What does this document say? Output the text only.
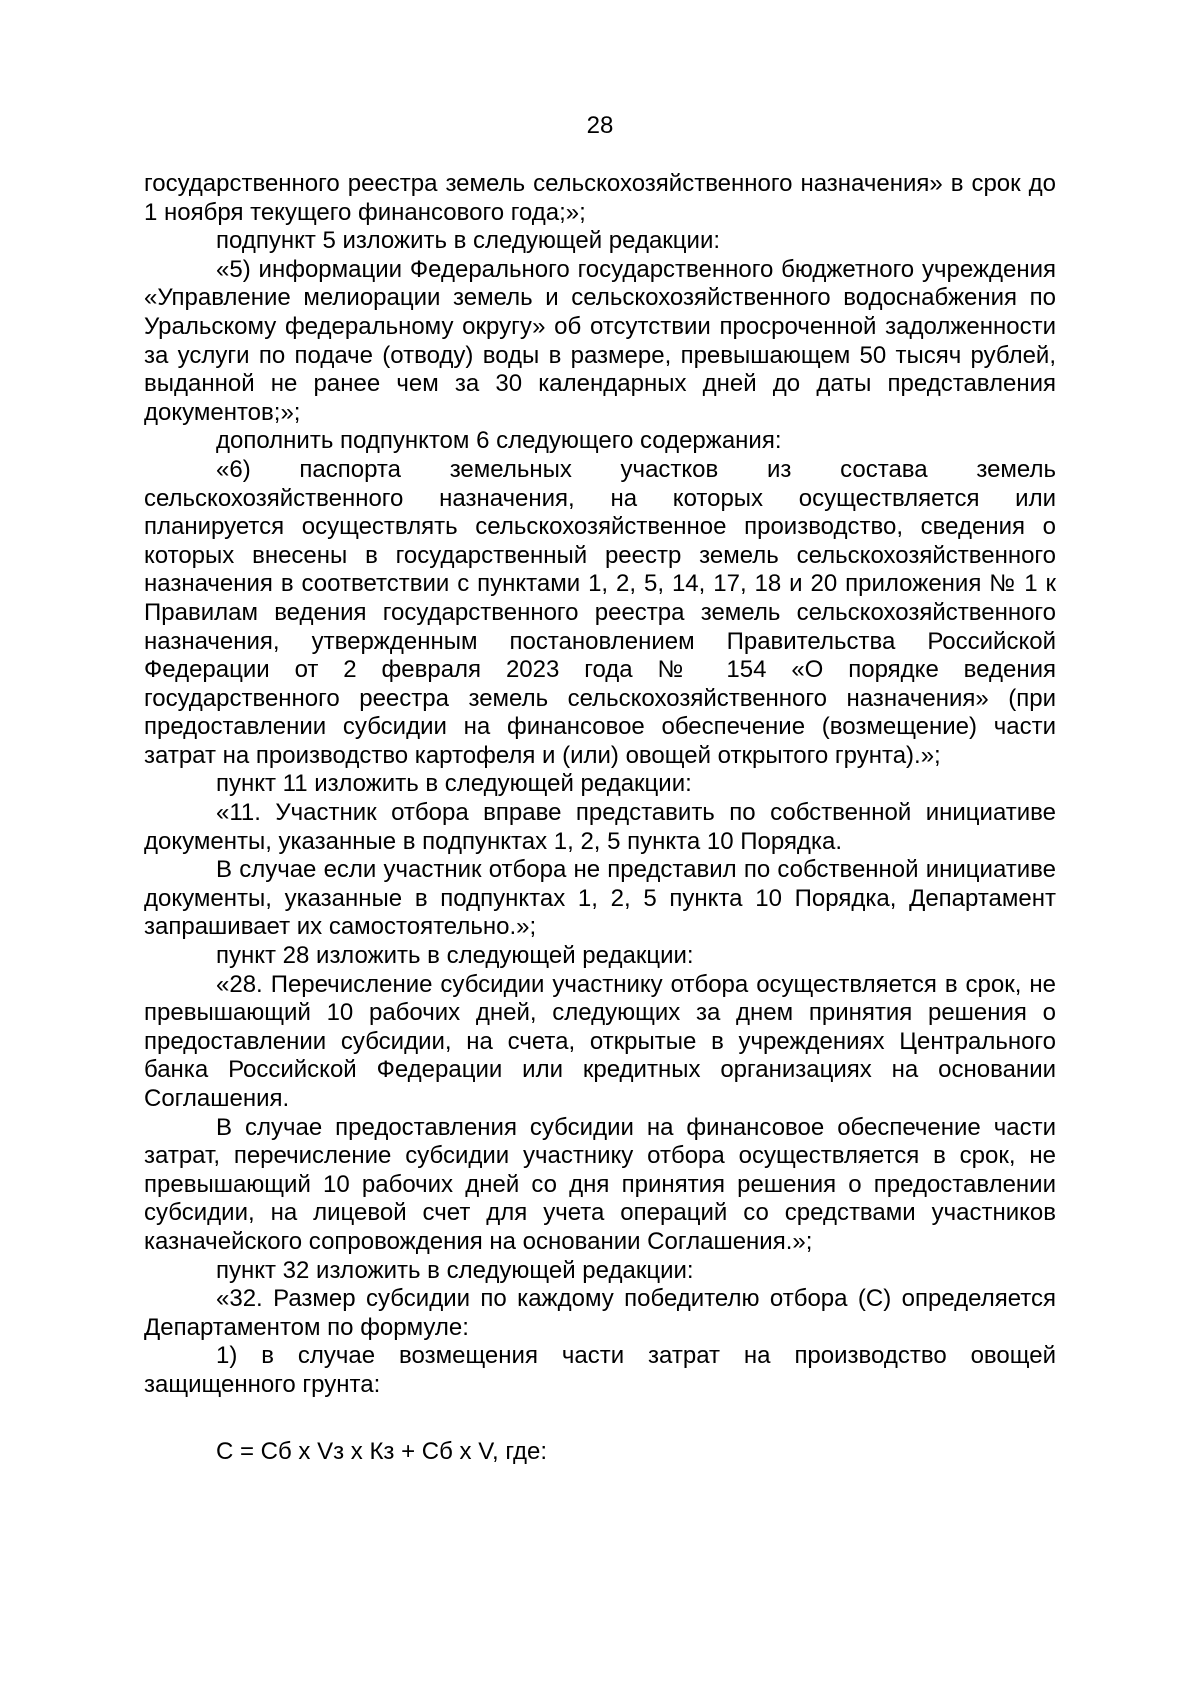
28

государственного реестра земель сельскохозяйственного назначения» в срок до 1 ноября текущего финансового года;»;

подпункт 5 изложить в следующей редакции:

«5) информации Федерального государственного бюджетного учреждения «Управление мелиорации земель и сельскохозяйственного водоснабжения по Уральскому федеральному округу» об отсутствии просроченной задолженности за услуги по подаче (отводу) воды в размере, превышающем 50 тысяч рублей, выданной не ранее чем за 30 календарных дней до даты представления документов;»;

дополнить подпунктом 6 следующего содержания:

«6) паспорта земельных участков из состава земель сельскохозяйственного назначения, на которых осуществляется или планируется осуществлять сельскохозяйственное производство, сведения о которых внесены в государственный реестр земель сельскохозяйственного назначения в соответствии с пунктами 1, 2, 5, 14, 17, 18 и 20 приложения № 1 к Правилам ведения государственного реестра земель сельскохозяйственного назначения, утвержденным постановлением Правительства Российской Федерации от 2 февраля 2023 года № 154 «О порядке ведения государственного реестра земель сельскохозяйственного назначения» (при предоставлении субсидии на финансовое обеспечение (возмещение) части затрат на производство картофеля и (или) овощей открытого грунта).»;

пункт 11 изложить в следующей редакции:

«11. Участник отбора вправе представить по собственной инициативе документы, указанные в подпунктах 1, 2, 5 пункта 10 Порядка.

В случае если участник отбора не представил по собственной инициативе документы, указанные в подпунктах 1, 2, 5 пункта 10 Порядка, Департамент запрашивает их самостоятельно.»;

пункт 28 изложить в следующей редакции:

«28. Перечисление субсидии участнику отбора осуществляется в срок, не превышающий 10 рабочих дней, следующих за днем принятия решения о предоставлении субсидии, на счета, открытые в учреждениях Центрального банка Российской Федерации или кредитных организациях на основании Соглашения.

В случае предоставления субсидии на финансовое обеспечение части затрат, перечисление субсидии участнику отбора осуществляется в срок, не превышающий 10 рабочих дней со дня принятия решения о предоставлении субсидии, на лицевой счет для учета операций со средствами участников казначейского сопровождения на основании Соглашения.»;

пункт 32 изложить в следующей редакции:

«32. Размер субсидии по каждому победителю отбора (С) определяется Департаментом по формуле:

1) в случае возмещения части затрат на производство овощей защищенного грунта:

С = Сб x Vз x Кз + Сб x V, где:
